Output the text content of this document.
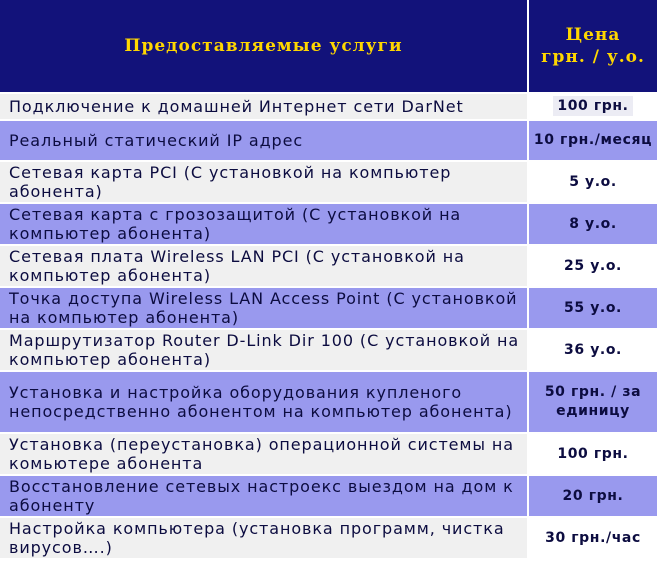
Предоставляемые услуги	Цена
грн. / у.о.
Подключение к домашней Интернет сети DarNet	100 грн.
Реальный статический IP адрес	10 грн./месяц
Сетевая карта PCI (С установкой на компьютер абонента)	5 у.о.
Сетевая карта с грозозащитой (С установкой на компьютер абонента)	8 у.о.
Сетевая плата Wireless LAN PCI (С установкой на компьютер абонента)	25 у.о.
Точка доступа Wireless LAN Access Point (С установкой на компьютер абонента)	55 у.о.
Маршрутизатор Router D-Link Dir 100 (С установкой на компьютер абонента)	36 у.о.
Установка и настройка оборудования купленого непосредственно абонентом на компьютер абонента)	50 грн. / за единицу
Установка (переустановка) операционной системы на комьютере абонента	100 грн.
Восстановление сетевых настроекс выездом на дом к абоненту	20 грн.
Настройка компьютера (установка программ, чистка вирусов….)	30 грн./час
